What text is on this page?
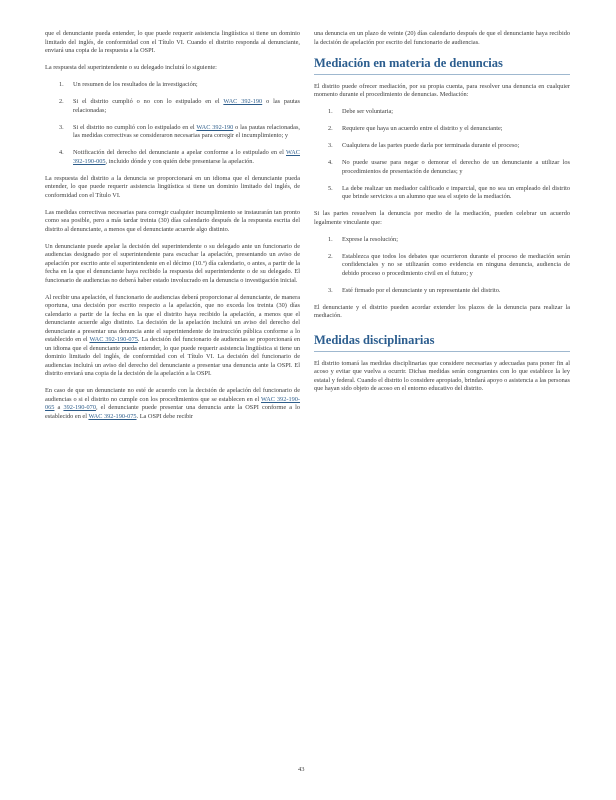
que el denunciante pueda entender, lo que puede requerir asistencia lingüística si tiene un dominio limitado del inglés, de conformidad con el Título VI. Cuando el distrito responda al denunciante, enviará una copia de la respuesta a la OSPI.

La respuesta del superintendente o su delegado incluirá lo siguiente:

1. Un resumen de los resultados de la investigación;
2. Si el distrito cumplió o no con lo estipulado en el WAC 392-190 o las pautas relacionadas;
3. Si el distrito no cumplió con lo estipulado en el WAC 392-190 o las pautas relacionadas, las medidas correctivas se consideraron necesarias para corregir el incumplimiento; y
4. Notificación del derecho del denunciante a apelar conforme a lo estipulado en el WAC 392-190-005, incluido dónde y con quién debe presentarse la apelación.

La respuesta del distrito a la denuncia se proporcionará en un idioma que el denunciante pueda entender, lo que puede requerir asistencia lingüística si tiene un dominio limitado del inglés, de conformidad con el Título VI.

Las medidas correctivas necesarias para corregir cualquier incumplimiento se instaurarán tan pronto como sea posible, pero a más tardar treinta (30) días calendario después de la respuesta escrita del distrito al denunciante, a menos que el denunciante acuerde algo distinto.

Un denunciante puede apelar la decisión del superintendente o su delegado ante un funcionario de audiencias designado por el superintendente para escuchar la apelación, presentando un aviso de apelación por escrito ante el superintendente en el décimo (10.º) día calendario, o antes, a partir de la fecha en la que el denunciante haya recibido la respuesta del superintendente o de su delegado. El funcionario de audiencias no deberá haber estado involucrado en la denuncia o investigación inicial.

Al recibir una apelación, el funcionario de audiencias deberá proporcionar al denunciante, de manera oportuna, una decisión por escrito respecto a la apelación, que no exceda los treinta (30) días calendario a partir de la fecha en la que el distrito haya recibido la apelación, a menos que el denunciante acuerde algo distinto. La decisión de la apelación incluirá un aviso del derecho del denunciante a presentar una denuncia ante el superintendente de instrucción pública conforme a lo establecido en el WAC 392-190-075. La decisión del funcionario de audiencias se proporcionará en un idioma que el denunciante pueda entender, lo que puede requerir asistencia lingüística si tiene un dominio limitado del inglés, de conformidad con el Título VI. La decisión del funcionario de audiencias incluirá un aviso del derecho del denunciante a presentar una denuncia ante la OSPI. El distrito enviará una copia de la decisión de la apelación a la OSPI.

En caso de que un denunciante no esté de acuerdo con la decisión de apelación del funcionario de audiencias o si el distrito no cumple con los procedimientos que se establecen en el WAC 392-190-065 a 392-190-070, el denunciante puede presentar una denuncia ante la OSPI conforme a lo establecido en el WAC 392-190-075. La OSPI debe recibir

una denuncia en un plazo de veinte (20) días calendario después de que el denunciante haya recibido la decisión de apelación por escrito del funcionario de audiencias.

Mediación en materia de denuncias

El distrito puede ofrecer mediación, por su propia cuenta, para resolver una denuncia en cualquier momento durante el procedimiento de denuncias. Mediación:

1. Debe ser voluntaria;
2. Requiere que haya un acuerdo entre el distrito y el denunciante;
3. Cualquiera de las partes puede darla por terminada durante el proceso;
4. No puede usarse para negar o demorar el derecho de un denunciante a utilizar los procedimientos de presentación de denuncias; y
5. La debe realizar un mediador calificado e imparcial, que no sea un empleado del distrito que brinde servicios a un alumno que sea el sujeto de la mediación.

Si las partes resuelven la denuncia por medio de la mediación, pueden celebrar un acuerdo legalmente vinculante que:

1. Exprese la resolución;
2. Establezca que todos los debates que ocurrieron durante el proceso de mediación serán confidenciales y no se utilizarán como evidencia en ninguna denuncia, audiencia de debido proceso o procedimiento civil en el futuro; y
3. Esté firmado por el denunciante y un representante del distrito.

El denunciante y el distrito pueden acordar extender los plazos de la denuncia para realizar la mediación.

Medidas disciplinarias

El distrito tomará las medidas disciplinarias que considere necesarias y adecuadas para poner fin al acoso y evitar que vuelva a ocurrir. Dichas medidas serán congruentes con lo que establece la ley estatal y federal. Cuando el distrito lo considere apropiado, brindará apoyo o asistencia a las personas que hayan sido objeto de acoso en el entorno educativo del distrito.

43
